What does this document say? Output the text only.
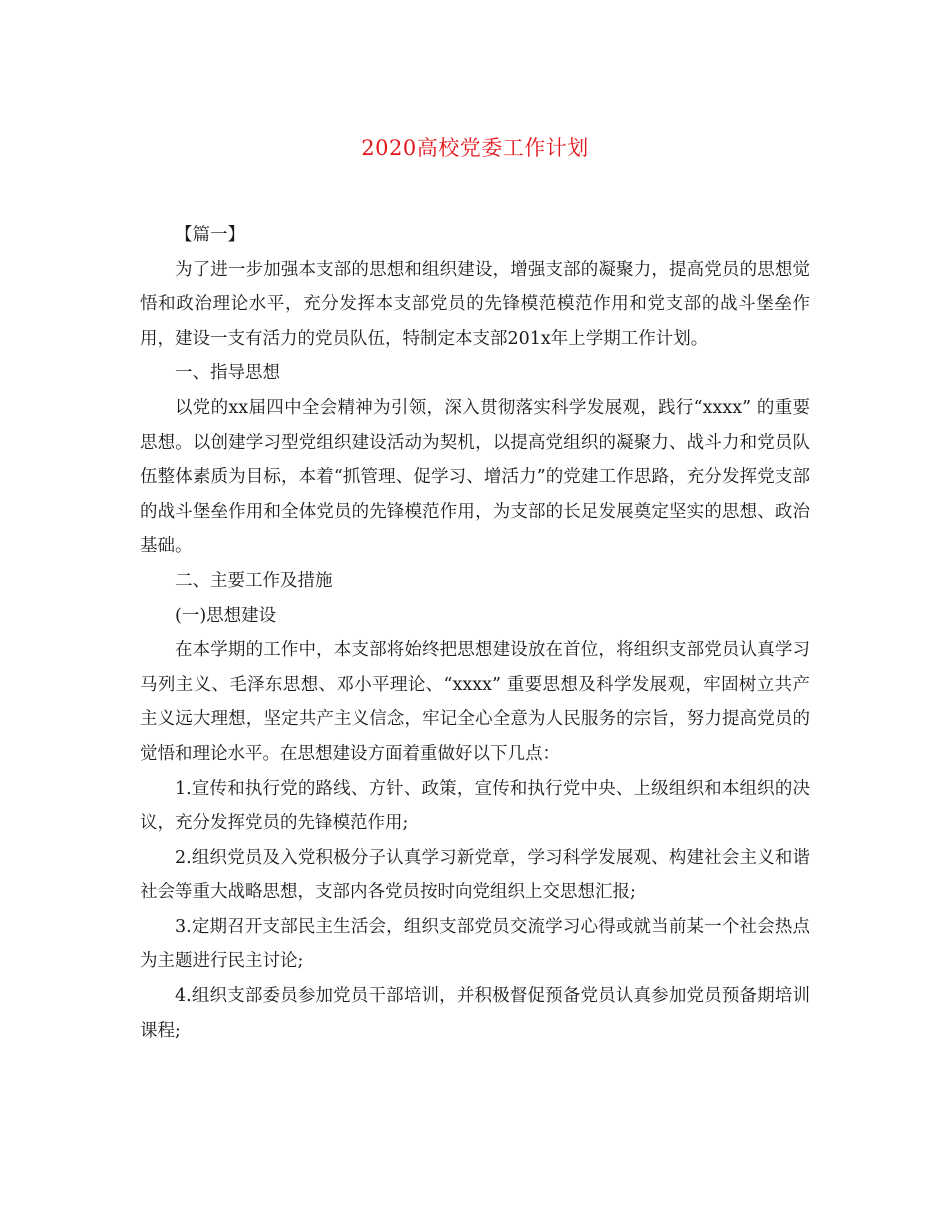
2020高校党委工作计划

【篇一】

为了进一步加强本支部的思想和组织建设，增强支部的凝聚力，提高党员的思想觉悟和政治理论水平，充分发挥本支部党员的先锋模范模范作用和党支部的战斗堡垒作用，建设一支有活力的党员队伍，特制定本支部201x年上学期工作计划。

一、指导思想

以党的xx届四中全会精神为引领，深入贯彻落实科学发展观，践行“xxxx” 的重要思想。以创建学习型党组织建设活动为契机，以提高党组织的凝聚力、战斗力和党员队伍整体素质为目标，本着“抓管理、促学习、增活力”的党建工作思路，充分发挥党支部的战斗堡垒作用和全体党员的先锋模范作用，为支部的长足发展奠定坚实的思想、政治基础。

二、主要工作及措施

(一)思想建设

在本学期的工作中，本支部将始终把思想建设放在首位，将组织支部党员认真学习马列主义、毛泽东思想、邓小平理论、“xxxx” 重要思想及科学发展观，牢固树立共产主义远大理想，坚定共产主义信念，牢记全心全意为人民服务的宗旨，努力提高党员的觉悟和理论水平。在思想建设方面着重做好以下几点：

1.宣传和执行党的路线、方针、政策，宣传和执行党中央、上级组织和本组织的决议，充分发挥党员的先锋模范作用;

2.组织党员及入党积极分子认真学习新党章，学习科学发展观、构建社会主义和谐社会等重大战略思想，支部内各党员按时向党组织上交思想汇报;

3.定期召开支部民主生活会，组织支部党员交流学习心得或就当前某一个社会热点为主题进行民主讨论;

4.组织支部委员参加党员干部培训，并积极督促预备党员认真参加党员预备期培训课程;
